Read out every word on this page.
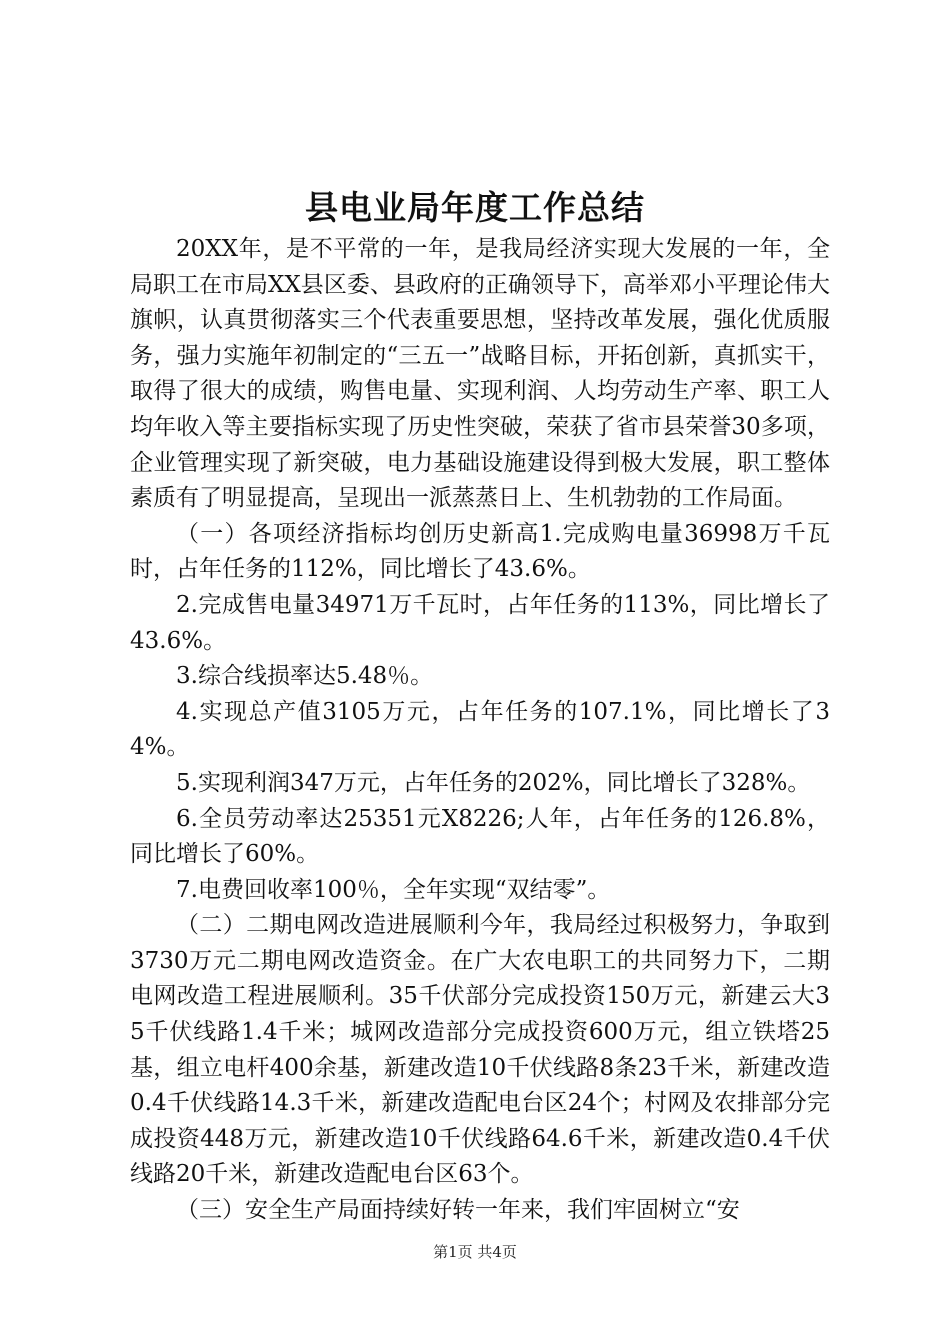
县电业局年度工作总结

20XX年，是不平常的一年，是我局经济实现大发展的一年，全局职工在市局XX县区委、县政府的正确领导下，高举邓小平理论伟大旗帜，认真贯彻落实三个代表重要思想，坚持改革发展，强化优质服务，强力实施年初制定的“三五一”战略目标，开拓创新，真抓实干，取得了很大的成绩，购售电量、实现利润、人均劳动生产率、职工人均年收入等主要指标实现了历史性突破，荣获了省市县荣誉30多项，企业管理实现了新突破，电力基础设施建设得到极大发展，职工整体素质有了明显提高，呈现出一派蒸蒸日上、生机勃勃的工作局面。

（一）各项经济指标均创历史新高1.完成购电量36998万千瓦时，占年任务的112%，同比增长了43.6%。

2.完成售电量34971万千瓦时，占年任务的113%，同比增长了43.6%。

3.综合线损率达5.48％。

4.实现总产值3105万元，占年任务的107.1%，同比增长了34%。

5.实现利润347万元，占年任务的202%，同比增长了328%。

6.全员劳动率达25351元X8226;人年，占年任务的126.8%，同比增长了60%。

7.电费回收率100％，全年实现“双结零”。

（二）二期电网改造进展顺利今年，我局经过积极努力，争取到3730万元二期电网改造资金。在广大农电职工的共同努力下，二期电网改造工程进展顺利。35千伏部分完成投资150万元，新建云大35千伏线路1.4千米；城网改造部分完成投资600万元，组立铁塔25基，组立电杆400余基，新建改造10千伏线路8条23千米，新建改造0.4千伏线路14.3千米，新建改造配电台区24个；村网及农排部分完成投资448万元，新建改造10千伏线路64.6千米，新建改造0.4千伏线路20千米，新建改造配电台区63个。

（三）安全生产局面持续好转一年来，我们牢固树立“安

第1页 共4页
